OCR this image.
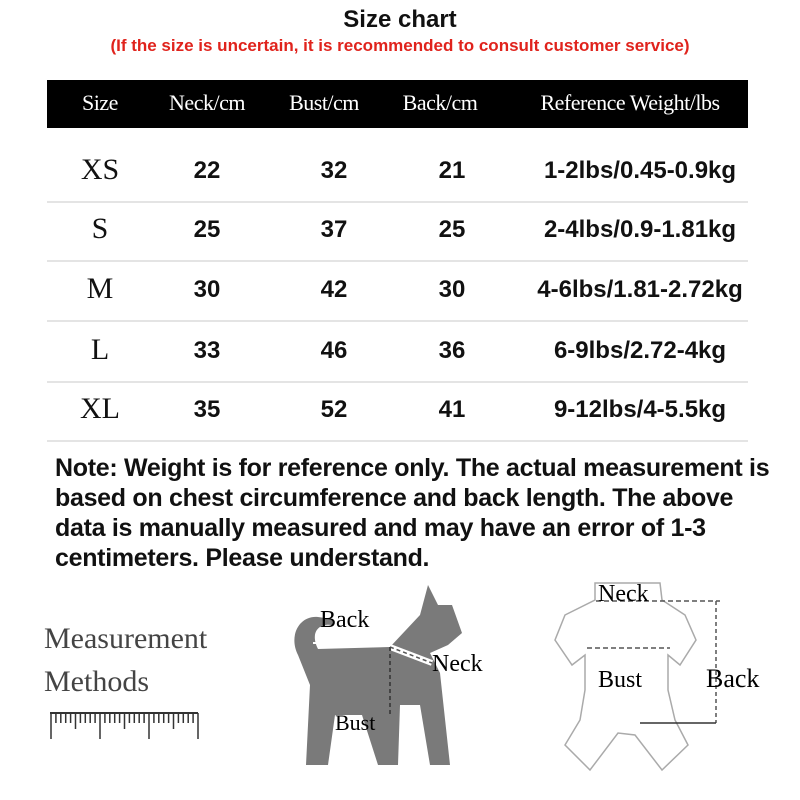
Size chart
(If the size is uncertain, it is recommended to consult customer service)
Size Neck/cm Bust/cm Back/cm	Reference Weight/lbs
XS	22	32	21	1-2lbs/0.45-0.9kg
S	25	37	25	2-4lbs/0.9-1.81kg
M	30	42	30	4-6lbs/1.81-2.72kg
L	33	46	36	6-9lbs/2.72-4kg
XL	35	52	41	9-12lbs/4-5.5kg
Note: Weight is for reference only. The actual measurement is based on chest circumference and back length. The above data is manually measured and may have an error of 1-3 centimeters. Please understand.
Measurement
Methods
Back
Neck
Bust
Neck
Bust Back
